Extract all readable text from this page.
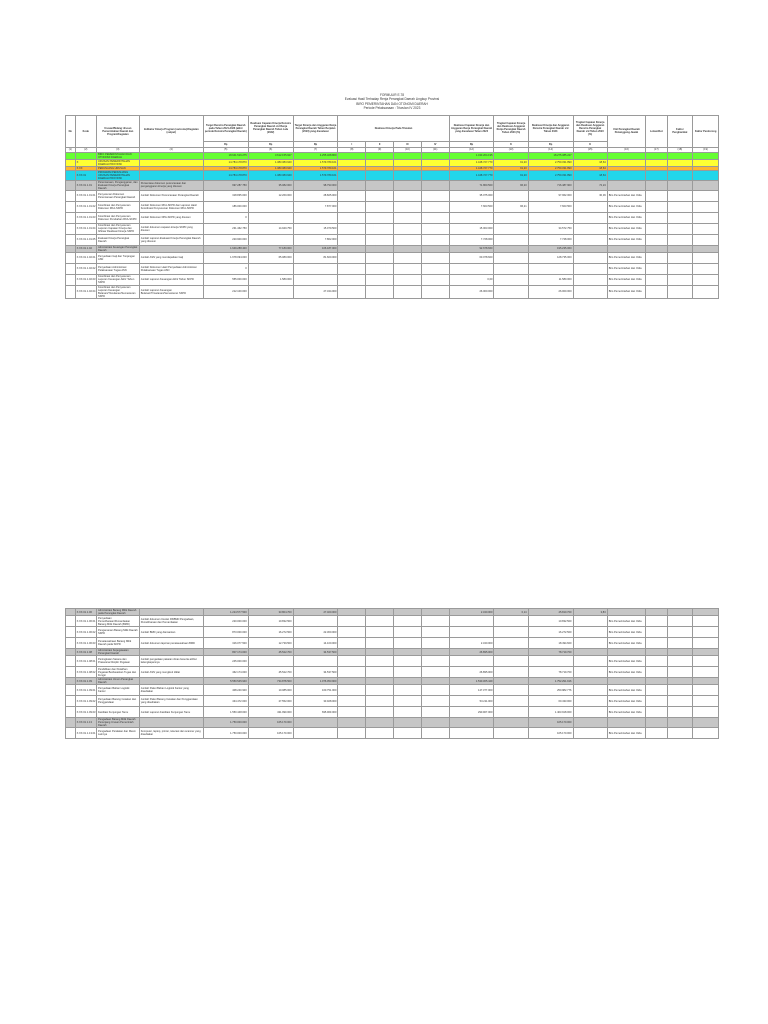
FORMULIR E.78
Evaluasi Hasil Terhadap Renja Perangkat Daerah Lingkup Provinsi
BIRO PEMERINTAHAN DAN OTONOMI DAERAH
Periode Pelaksanaan : Triwulan IV 2023
No	Kode	Urusan/Bidang Urusan Pemerintahan Daerah dan Program/Kegiatan	Indikator Kinerja Program (outcome)/Kegiatan (output)	Target Renstra Perangkat Daerah pada Tahun 2021-2026 (akhir periode Renstra Perangkat Daerah)	Realisasi Capaian Kinerja Renstra Perangkat Daerah s/d Renja Perangkat Daerah Tahun Lalu (2022)	Target Kinerja dan Anggaran Renja Perangkat Daerah Tahun Berjalan (2023) yang dievaluasi	Realisasi Kinerja Pada Triwulan				Realisasi Capaian Kinerja dan Anggaran Renja Perangkat Daerah yang dievaluasi Tahun 2023	Tingkat Capaian Kinerja dan Realisasi Anggaran Renja Perangkat Daerah Tahun 2023 (%)	Realisasi Kinerja dan Anggaran Renstra Perangkat Daerah s/d Tahun 2023	Tingkat Capaian Kinerja dan Realisasi Anggaran Renstra Perangkat Daerah s/d Tahun 2023 (%)	Unit Perangkat Daerah Penanggung Jawab	Lokasi/Ket	Faktor Penghambat	Faktor Pendorong
				Rp	Rp	Rp	I	II	III	IV	Rp	K	Rp	K				
(1)	(2)	(3)	(4)	(5)	(6)	(7)	(8)	(9)	(10)	(11)	(12)	(13)	(14)	(15)	(16)	(17)	(18)	(19)
		BIRO PEMERINTAHAN DAN OTONOMI DAERAH		18.641.516.275	3.612.155.927	4.255.468.860					1.433.204.195		18.275.385.227					
	X	URUSAN PEMERINTAHAN DAERAH PROVINSI		14.784.178.870	1.383.383.940	1.579.789.161					1.448.727.770	91,20	2.750.331.890	18,64				
	X.XX	PENUNJANG URUSAN		14.784.178.870	1.383.383.940	1.579.789.161					1.448.727.770	91,20	2.750.331.890	18,64				
	X.XX.01	PROGRAM PENUNJANG URUSAN PEMERINTAHAN DAERAH PROVINSI		14.784.178.870	1.383.383.940	1.579.789.161					1.448.727.770	91,20	2.750.331.890	18,64				
	X.XX.01.1.01	Perencanaan, Penganggaran, dan Evaluasi Kinerja Perangkat Daerah	Persentase dokumen perencanaan dan penganggaran kinerja yang disusun	997.287.750	35.082.000	98.793.000					71.860.500	96,20	716.487.900	72,24				
	X.XX.01.1.01.01	Penyusunan Dokumen Perencanaan Perangkat Daerah	Jumlah Dokumen Perencanaan Perangkat Daerah	318.835.000	12.260.000	28.825.000					35.075.000		97.962.000	30,39	Biro Pemerintahan dan Otda			
	X.XX.01.1.01.02	Koordinasi dan Penyusunan Dokumen RKA-SKPD	Jumlah Dokumen RKA-SKPD dan Laporan Hasil Koordinasi Penyusunan Dokumen RKA-SKPD	186.000.000		7.877.000					7.603.500	96,21	7.603.500		Biro Pemerintahan dan Otda			
	X.XX.01.1.01.03	Koordinasi dan Penyusunan Dokumen Perubahan RKA-SKPD	Jumlah Dokumen DPA-SKPD yang disusun	0											Biro Pemerintahan dan Otda			
	X.XX.01.1.01.04	Koordinasi dan Penyusunan Laporan Capaian Kinerja dan Ikhtisar Realisasi Kinerja SKPD	Jumlah dokumen capaian kinerja SKPD yang disusun	231.462.750	14.940.750	15.079.500					15.003.000		34.572.750		Biro Pemerintahan dan Otda			
	X.XX.01.1.01.05	Evaluasi Kinerja Perangkat Daerah	Jumlah Laporan Evaluasi Kinerja Perangkat Daerah yang disusun	220.900.000		7.862.000					7.728.000		7.728.000		Biro Pemerintahan dan Otda			
	X.XX.01.1.02	Administrasi Keuangan Perangkat Daerah		1.649.288.400	77.180.000	106.187.000					92.678.660		195.235.060					
	X.XX.01.1.02.01	Penyediaan Gaji dan Tunjangan ASN	Jumlah ASN yang mendapatkan Gaji	1.678.094.000	65.080.000	81.600.000					60.078.600		128.735.000		Biro Pemerintahan dan Otda			
	X.XX.01.1.02.02	Penyediaan Administrasi Pelaksanaan Tugas ASN	Jumlah Dokumen Hasil Penyediaan Administrasi Pelaksanaan Tugas ASN	0											Biro Pemerintahan dan Otda			
	X.XX.01.1.02.03	Koordinasi dan Penyusunan Laporan Keuangan Akhir Tahun SKPD	Jumlah Laporan Keuangan Akhir Tahun SKPD	555.000.000	1.580.000						0,00		11.580.000		Biro Pemerintahan dan Otda			
	X.XX.01.1.02.04	Koordinasi dan Penyusunan Laporan Keuangan Bulanan/Triwulanan/Semesteran SKPD	Jumlah Laporan Keuangan Bulanan/Triwulanan/Semesteran SKPD	212.100.000		27.344.000					26.000.000		26.000.000		Biro Pemerintahan dan Otda			
	X.XX.01.1.06	Administrasi Barang Milik Daerah pada Perangkat Daerah		1.224.577.500	33.804.700	27.400.000					2.340.000	0,14	45.810.700	3,83				
	X.XX.01.1.06.01	Penyediaan Pemeliharaan/Pemanfaatan Barang Milik Daerah (BMD)	Jumlah dokumen Usulan RKBMD Pengadaan, Pemeliharaan dan Pemanfaatan	220.000.000	10.832.500								10.832.500		Biro Pemerintahan dan Otda			
	X.XX.01.1.06.02	Pengamanan Barang Milik Daerah SKPD	Jumlah BMD yang diamankan	873.000.000	16.272.500	22.300.000							16.272.500		Biro Pemerintahan dan Otda			
	X.XX.01.1.06.03	Penatausahaan Barang Milik Daerah pada SKPD	Jumlah dokumen laporan penatausahaan BMD	316.077.500	12.739.500	14.100.000					2.340.000		18.494.600		Biro Pemerintahan dan Otda			
	X.XX.01.1.08	Administrasi Kepegawaian Perangkat Daerah		807.174.000	45.522.700	34.537.500					26.895.000		78.719.700					
	X.XX.01.1.08.01	Peningkatan Sarana dan Prasarana Disiplin Pegawai	Jumlah pengadaan pakaian dinas beserta atribut kelengkapannya	245.000.000											Biro Pemerintahan dan Otda			
	X.XX.01.1.08.02	Pendidikan dan Pelatihan Pegawai Berdasarkan Tugas dan Fungsi	Jumlah ASN yang mengikuti diklat	462.174.000	45.522.700	34.537.500					26.895.000		78.719.700		Biro Pemerintahan dan Otda			
	X.XX.01.1.09	Administrasi Umum Perangkat Daerah		5.550.545.940	734.878.500	1.076.053.900					1.530.305.449		1.752.291.916					
	X.XX.01.1.09.01	Penyediaan Bahan Logistik Kantor	Jumlah Paket Bahan Logistik Kantor yang disediakan	408.240.900	10.085.000	160.751.000					147.377.000		250.982.776		Biro Pemerintahan dan Otda			
	X.XX.01.1.09.02	Penyediaan Barang Cetakan dan Penggandaan	Jumlah Paket Barang Cetakan dan Penggandaan yang disediakan	434.472.000	27.552.000	33.928.000					53.211.000		60.433.000		Biro Pemerintahan dan Otda			
	X.XX.01.1.09.03	Fasilitasi Kunjungan Tamu	Jumlah Laporan Fasilitasi Kunjungan Tamu	1.550.448.000	431.990.000	695.960.000					290.907.000		1.403.918.000		Biro Pemerintahan dan Otda			
	X.XX.01.1.13	Pengadaan Barang Milik Daerah Penunjang Urusan Pemerintah Daerah		1.750.000.000	105.170.000								105.170.000					
	X.XX.01.1.13.01	Pengadaan Peralatan dan Mesin Lainnya	Komputer, laptop, printer, telecast dan scanner yang disediakan	1.750.000.000	105.170.000								105.170.000		Biro Pemerintahan dan Otda			
